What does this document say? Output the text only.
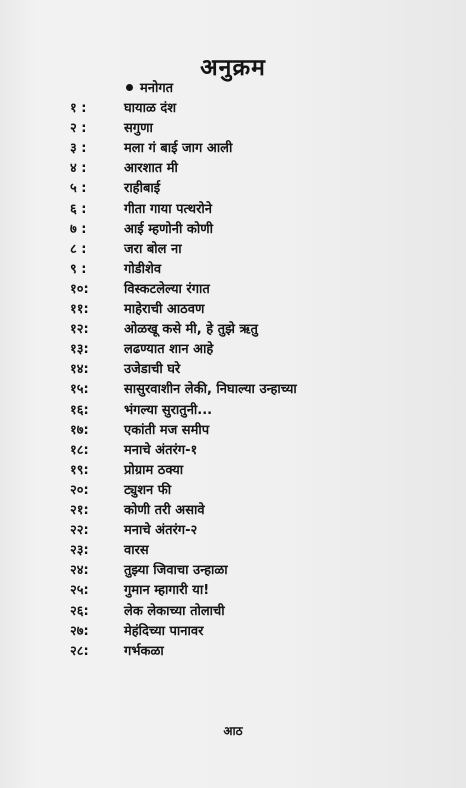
अनुक्रम
मनोगत
१ :	घायाळ दंश
२ :	सगुणा
३ :	मला गं बाई जाग आली
४ :	आरशात मी
५ :	राहीबाई
६ :	गीता गाया पत्थरोने
७ :	आई म्हणोनी कोणी
८ :	जरा बोल ना
९ :	गोडीशेव
१०:	विस्कटलेल्या रंगात
११:	माहेराची आठवण
१२:	ओळखू कसे मी, हे तुझे ऋतु
१३:	लढण्यात शान आहे
१४:	उजेडाची घरे
१५:	सासुरवाशीन लेकी, निघाल्या उन्हाच्या
१६:	भंगल्या सुरातुनी...
१७:	एकांती मज समीप
१८:	मनाचे अंतरंग-१
१९:	प्रोग्राम ठक्या
२०:	ट्युशन फी
२१:	कोणी तरी असावे
२२:	मनाचे अंतरंग-२
२३:	वारस
२४:	तुझ्या जिवाचा उन्हाळा
२५:	गुमान म्हागारी या!
२६:	लेक लेकाच्या तोलाची
२७:	मेहंदिच्या पानावर
२८:	गर्भकळा
आठ
